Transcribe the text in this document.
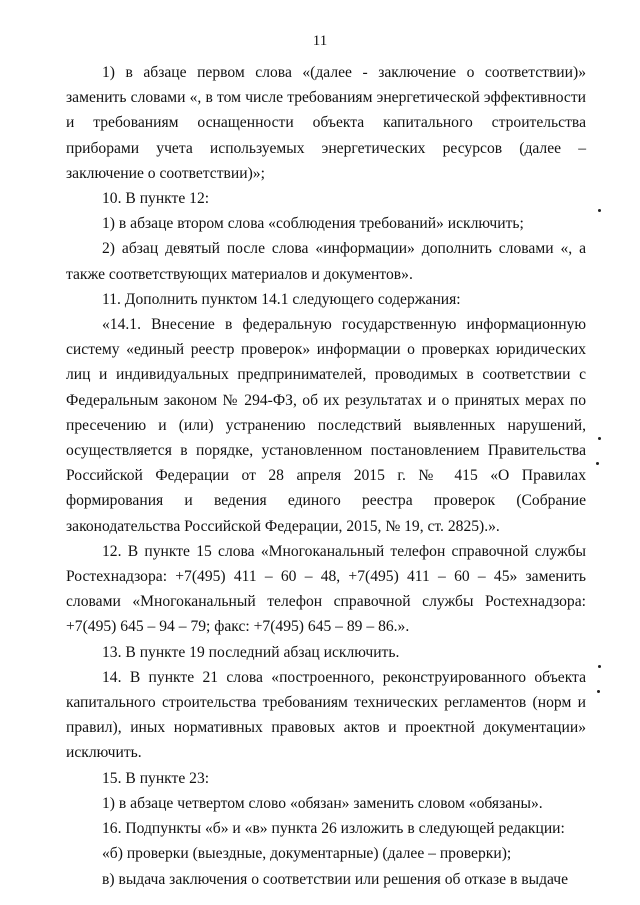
11

1) в абзаце первом слова «(далее - заключение о соответствии)» заменить словами «, в том числе требованиям энергетической эффективности и требованиям оснащенности объекта капитального строительства приборами учета используемых энергетических ресурсов (далее – заключение о соответствии)»;

10. В пункте 12:

1) в абзаце втором слова «соблюдения требований» исключить;

2) абзац девятый после слова «информации» дополнить словами «, а также соответствующих материалов и документов».

11. Дополнить пунктом 14.1 следующего содержания:

«14.1. Внесение в федеральную государственную информационную систему «единый реестр проверок» информации о проверках юридических лиц и индивидуальных предпринимателей, проводимых в соответствии с Федеральным законом № 294-ФЗ, об их результатах и о принятых мерах по пресечению и (или) устранению последствий выявленных нарушений, осуществляется в порядке, установленном постановлением Правительства Российской Федерации от 28 апреля 2015 г. № 415 «О Правилах формирования и ведения единого реестра проверок (Собрание законодательства Российской Федерации, 2015, № 19, ст. 2825).».

12. В пункте 15 слова «Многоканальный телефон справочной службы Ростехнадзора: +7(495) 411 – 60 – 48, +7(495) 411 – 60 – 45» заменить словами «Многоканальный телефон справочной службы Ростехнадзора: +7(495) 645 – 94 – 79; факс: +7(495) 645 – 89 – 86.».

13. В пункте 19 последний абзац исключить.

14. В пункте 21 слова «построенного, реконструированного объекта капитального строительства требованиям технических регламентов (норм и правил), иных нормативных правовых актов и проектной документации» исключить.

15. В пункте 23:

1) в абзаце четвертом слово «обязан» заменить словом «обязаны».

16. Подпункты «б» и «в» пункта 26 изложить в следующей редакции:

«б) проверки (выездные, документарные) (далее – проверки);

в) выдача заключения о соответствии или решения об отказе в выдаче
